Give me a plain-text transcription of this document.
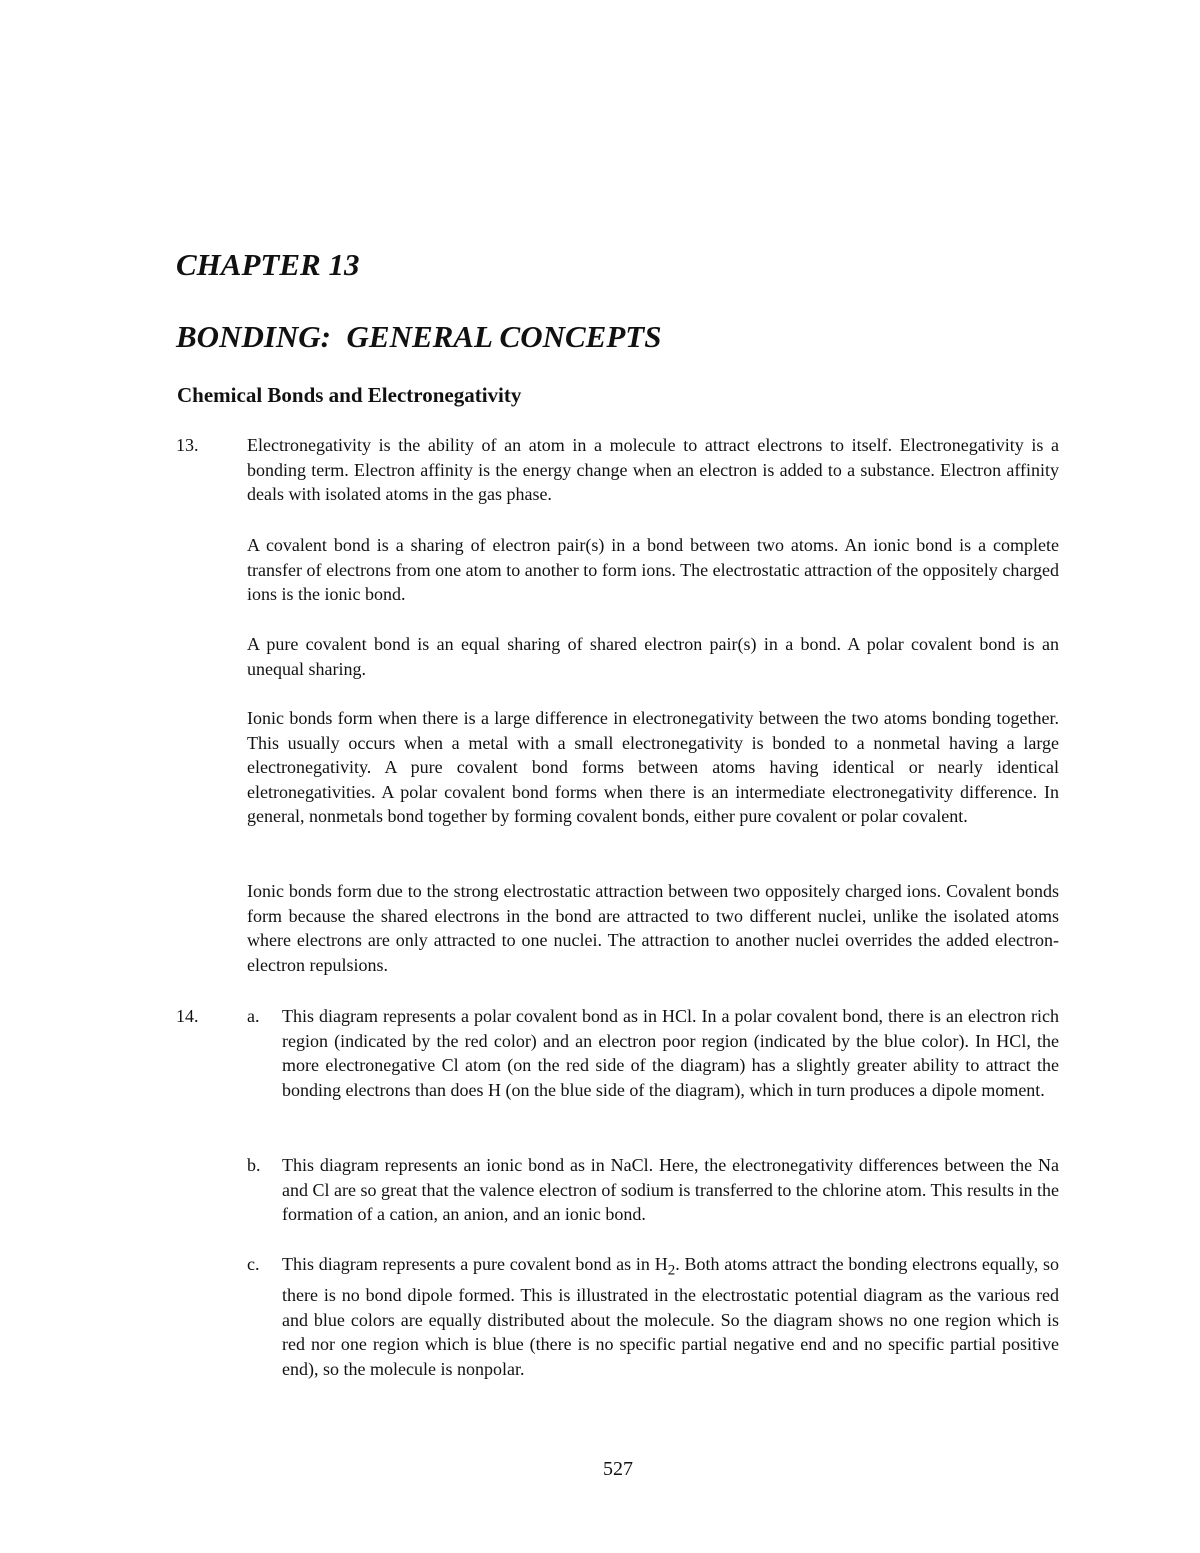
CHAPTER 13
BONDING:  GENERAL CONCEPTS
Chemical Bonds and Electronegativity
13.	Electronegativity is the ability of an atom in a molecule to attract electrons to itself. Electronegativity is a bonding term. Electron affinity is the energy change when an electron is added to a substance. Electron affinity deals with isolated atoms in the gas phase.

A covalent bond is a sharing of electron pair(s) in a bond between two atoms. An ionic bond is a complete transfer of electrons from one atom to another to form ions. The electrostatic attraction of the oppositely charged ions is the ionic bond.

A pure covalent bond is an equal sharing of shared electron pair(s) in a bond. A polar covalent bond is an unequal sharing.

Ionic bonds form when there is a large difference in electronegativity between the two atoms bonding together. This usually occurs when a metal with a small electronegativity is bonded to a nonmetal having a large electronegativity. A pure covalent bond forms between atoms having identical or nearly identical eletronegativities. A polar covalent bond forms when there is an intermediate electronegativity difference. In general, nonmetals bond together by forming covalent bonds, either pure covalent or polar covalent.

Ionic bonds form due to the strong electrostatic attraction between two oppositely charged ions. Covalent bonds form because the shared electrons in the bond are attracted to two different nuclei, unlike the isolated atoms where electrons are only attracted to one nuclei. The attraction to another nuclei overrides the added electron-electron repulsions.

14.	a. This diagram represents a polar covalent bond as in HCl. In a polar covalent bond, there is an electron rich region (indicated by the red color) and an electron poor region (indicated by the blue color). In HCl, the more electronegative Cl atom (on the red side of the diagram) has a slightly greater ability to attract the bonding electrons than does H (on the blue side of the diagram), which in turn produces a dipole moment.

b. This diagram represents an ionic bond as in NaCl. Here, the electronegativity differences between the Na and Cl are so great that the valence electron of sodium is transferred to the chlorine atom. This results in the formation of a cation, an anion, and an ionic bond.

c. This diagram represents a pure covalent bond as in $H_2$. Both atoms attract the bonding electrons equally, so there is no bond dipole formed. This is illustrated in the electrostatic potential diagram as the various red and blue colors are equally distributed about the molecule. So the diagram shows no one region which is red nor one region which is blue (there is no specific partial negative end and no specific partial positive end), so the molecule is nonpolar.

527
